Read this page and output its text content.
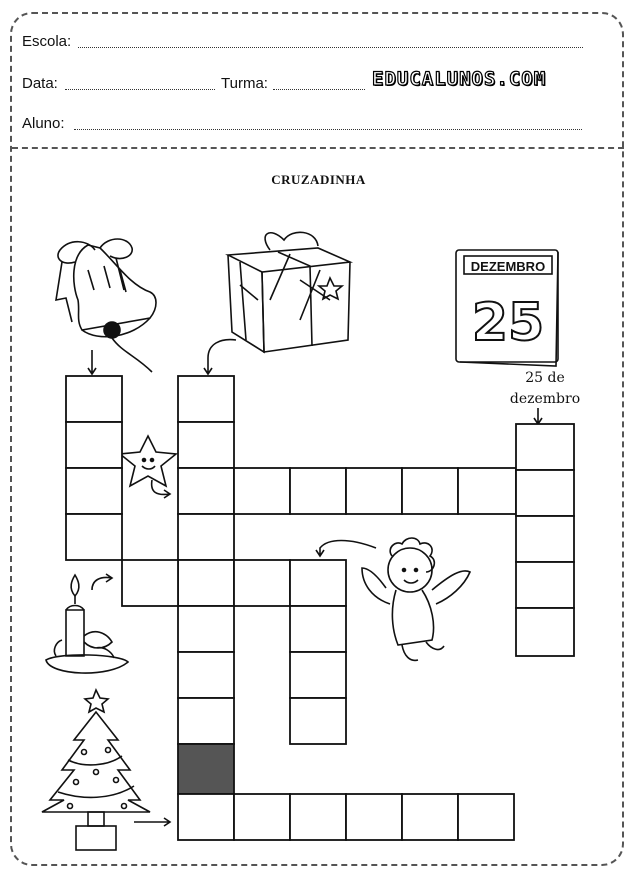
Escola:
Data:	Turma:	EDUCALUNOS.COM
Aluno:
CRUZADINHA
25 de
dezembro
DEZEMBRO
25
